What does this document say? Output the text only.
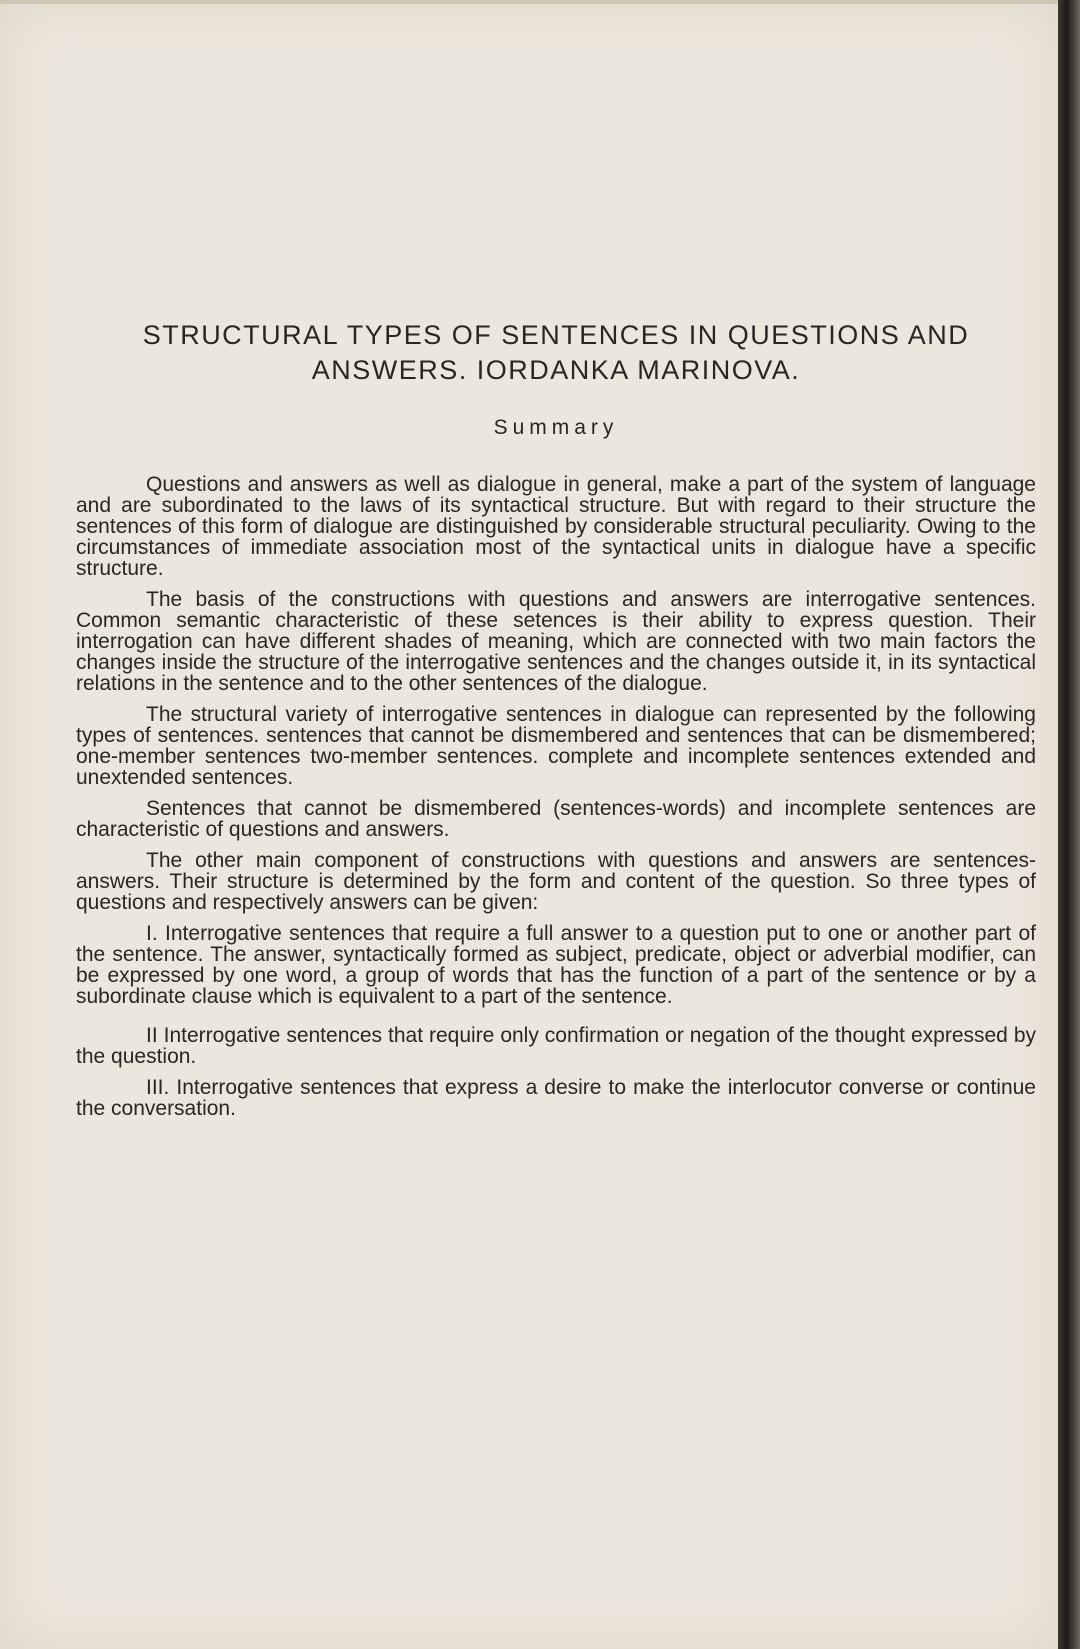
STRUCTURAL TYPES OF SENTENCES IN QUESTIONS AND
ANSWERS. IORDANKA MARINOVA.
Summary

Questions and answers as well as dialogue in general, make a part of the system of language and are subordinated to the laws of its syntactical structure. But with regard to their structure the sentences of this form of dialogue are distinguished by considerable structural peculiarity. Owing to the circumstances of immediate association most of the syntactical units in dialogue have a specific structure.

The basis of the constructions with questions and answers are interrogative sentences. Common semantic characteristic of these setences is their ability to express question. Their interrogation can have different shades of meaning, which are connected with two main factors the changes inside the structure of the interrogative sentences and the changes outside it, in its syntactical relations in the sentence and to the other sentences of the dialogue.

The structural variety of interrogative sentences in dialogue can represented by the following types of sentences. sentences that cannot be dismembered and sentences that can be dismembered; one-member sentences two-member sentences. complete and incomplete sentences extended and unextended sentences.

Sentences that cannot be dismembered (sentences-words) and incomplete sentences are characteristic of questions and answers.

The other main component of constructions with questions and answers are sentences-answers. Their structure is determined by the form and content of the question. So three types of questions and respectively answers can be given:

I. Interrogative sentences that require a full answer to a question put to one or another part of the sentence. The answer, syntactically formed as subject, predicate, object or adverbial modifier, can be expressed by one word, a group of words that has the function of a part of the sentence or by a subordinate clause which is equivalent to a part of the sentence.

II Interrogative sentences that require only confirmation or negation of the thought expressed by the question.

III. Interrogative sentences that express a desire to make the interlocutor converse or continue the conversation.
